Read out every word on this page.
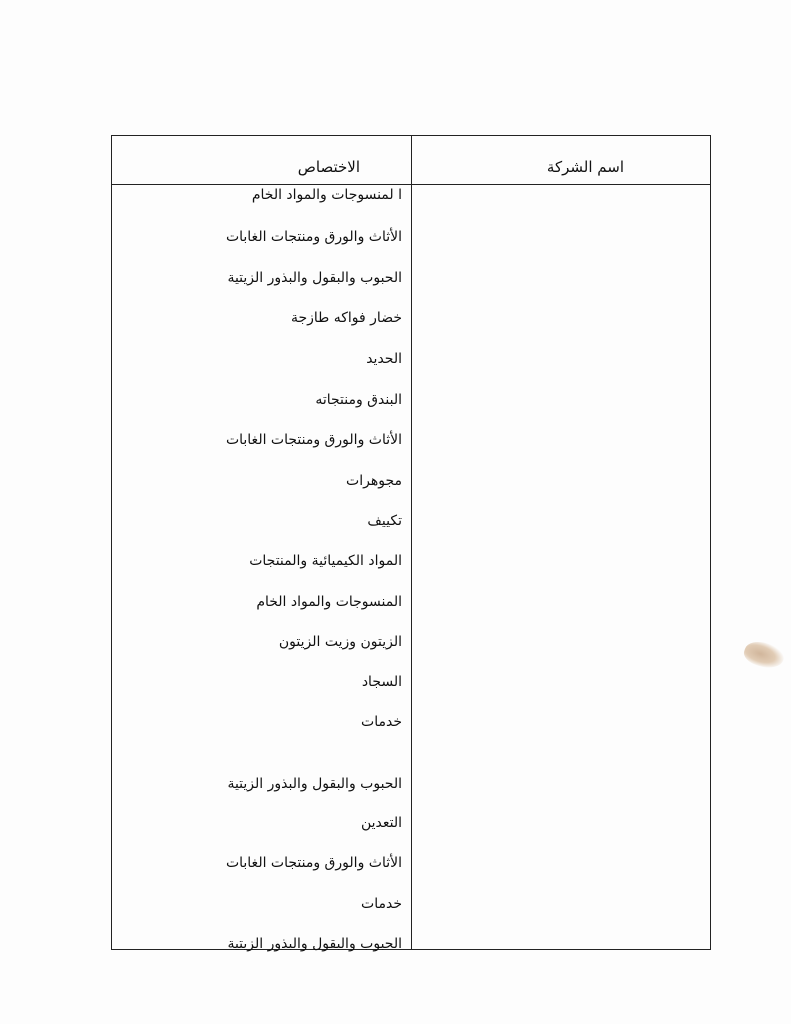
الاختصاص	اسم الشركة
ا لمنسوجات والمواد الخام
الأثاث والورق ومنتجات الغابات
الحبوب والبقول والبذور الزيتية
خضار فواكه طازجة
الحديد
البندق ومنتجاته
الأثاث والورق ومنتجات الغابات
مجوهرات
تكييف
المواد الكيميائية والمنتجات
المنسوجات والمواد الخام
الزيتون وزيت الزيتون
السجاد
خدمات
الحبوب والبقول والبذور الزيتية
التعدين
الأثاث والورق ومنتجات الغابات
خدمات
الحبوب والبقول والبذور الزيتية
